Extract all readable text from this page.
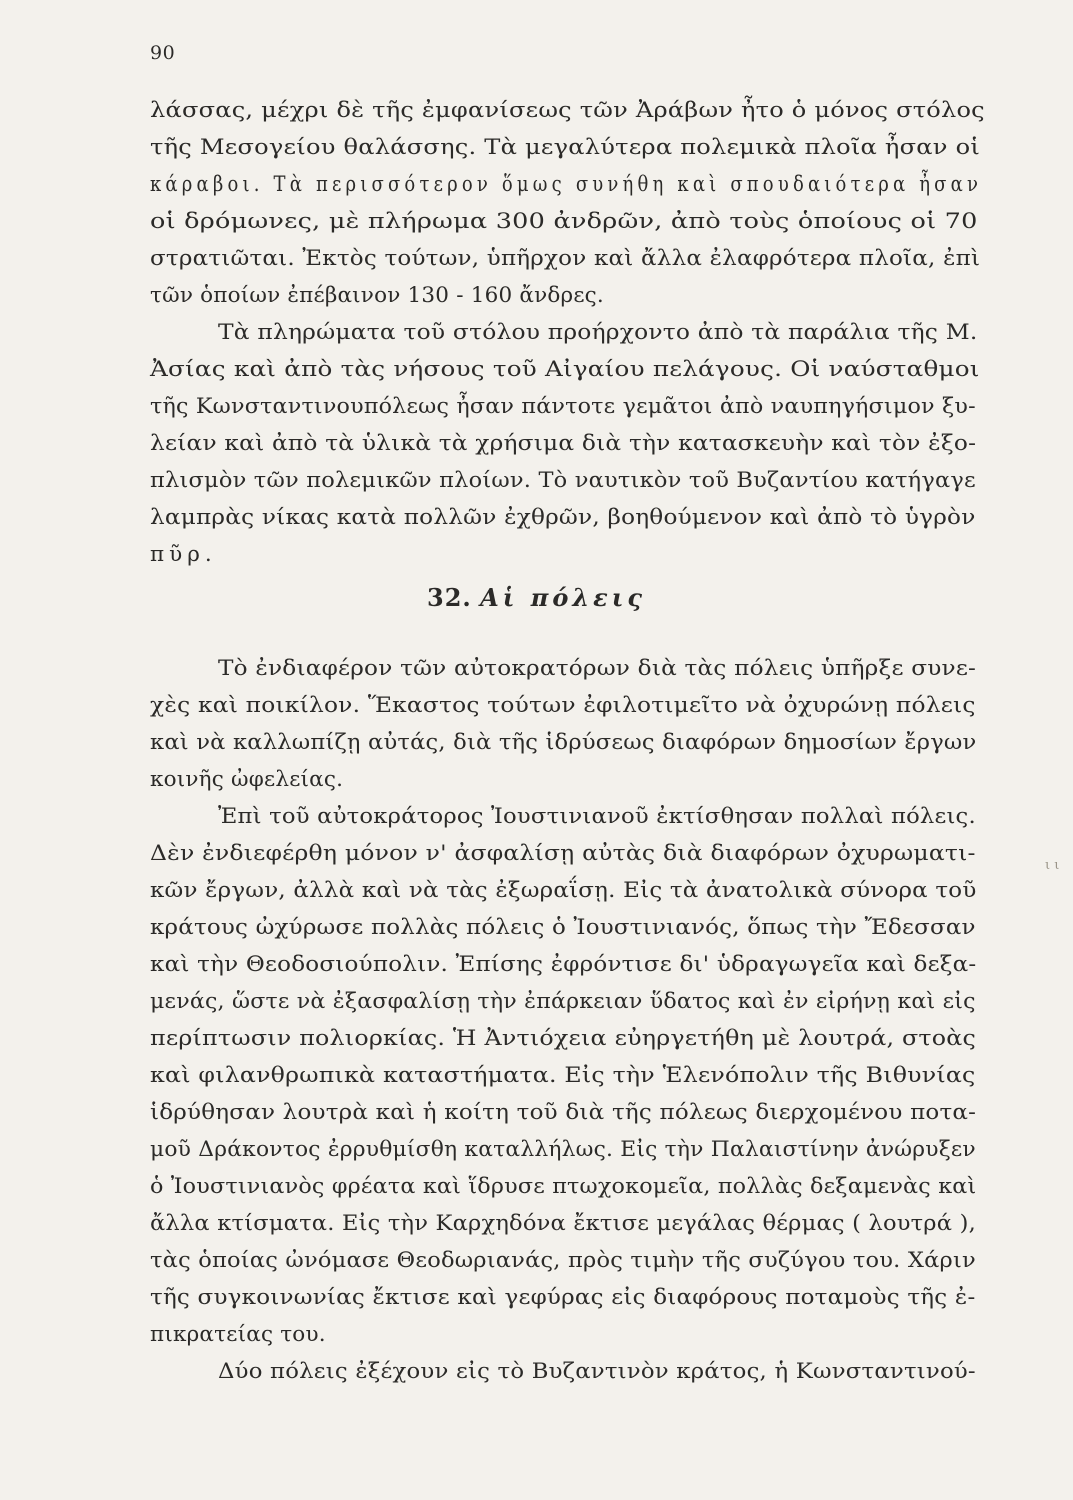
90
λάσσας, μέχρι δὲ τῆς ἐμφανίσεως τῶν Ἀράβων ἦτο ὁ μόνος στόλος
τῆς Μεσογείου θαλάσσης. Τὰ μεγαλύτερα πολεμικὰ πλοῖα ἦσαν οἱ
κάραβοι. Τὰ περισσότερον ὅμως συνήθη καὶ σπουδαιότερα ἦσαν
οἱ δρόμωνες, μὲ πλήρωμα 300 ἀνδρῶν, ἀπὸ τοὺς ὁποίους οἱ 70
στρατιῶται. Ἐκτὸς τούτων, ὑπῆρχον καὶ ἄλλα ἐλαφρότερα πλοῖα, ἐπὶ
τῶν ὁποίων ἐπέβαινον 130 - 160 ἄνδρες.
Τὰ πληρώματα τοῦ στόλου προήρχοντο ἀπὸ τὰ παράλια τῆς Μ.
Ἀσίας καὶ ἀπὸ τὰς νήσους τοῦ Αἰγαίου πελάγους. Οἱ ναύσταθμοι
τῆς Κωνσταντινουπόλεως ἦσαν πάντοτε γεμᾶτοι ἀπὸ ναυπηγήσιμον ξυ-
λείαν καὶ ἀπὸ τὰ ὑλικὰ τὰ χρήσιμα διὰ τὴν κατασκευὴν καὶ τὸν ἐξο-
πλισμὸν τῶν πολεμικῶν πλοίων. Τὸ ναυτικὸν τοῦ Βυζαντίου κατήγαγε
λαμπρὰς νίκας κατὰ πολλῶν ἐχθρῶν, βοηθούμενον καὶ ἀπὸ τὸ ὑγρὸν
πῦρ.
32. Αἱ πόλεις
Τὸ ἐνδιαφέρον τῶν αὐτοκρατόρων διὰ τὰς πόλεις ὑπῆρξε συνε-
χὲς καὶ ποικίλον. Ἕκαστος τούτων ἐφιλοτιμεῖτο νὰ ὀχυρώνῃ πόλεις
καὶ νὰ καλλωπίζῃ αὐτάς, διὰ τῆς ἱδρύσεως διαφόρων δημοσίων ἔργων
κοινῆς ὠφελείας.
Ἐπὶ τοῦ αὐτοκράτορος Ἰουστινιανοῦ ἐκτίσθησαν πολλαὶ πόλεις.
Δὲν ἐνδιεφέρθη μόνον ν' ἀσφαλίσῃ αὐτὰς διὰ διαφόρων ὀχυρωματι-
κῶν ἔργων, ἀλλὰ καὶ νὰ τὰς ἐξωραΐσῃ. Εἰς τὰ ἀνατολικὰ σύνορα τοῦ
κράτους ὠχύρωσε πολλὰς πόλεις ὁ Ἰουστινιανός, ὅπως τὴν Ἔδεσσαν
καὶ τὴν Θεοδοσιούπολιν. Ἐπίσης ἐφρόντισε δι' ὑδραγωγεῖα καὶ δεξα-
μενάς, ὥστε νὰ ἐξασφαλίσῃ τὴν ἐπάρκειαν ὕδατος καὶ ἐν εἰρήνῃ καὶ εἰς
περίπτωσιν πολιορκίας. Ἡ Ἀντιόχεια εὐηργετήθη μὲ λουτρά, στοὰς
καὶ φιλανθρωπικὰ καταστήματα. Εἰς τὴν Ἑλενόπολιν τῆς Βιθυνίας
ἱδρύθησαν λουτρὰ καὶ ἡ κοίτη τοῦ διὰ τῆς πόλεως διερχομένου ποτα-
μοῦ Δράκοντος ἐρρυθμίσθη καταλλήλως. Εἰς τὴν Παλαιστίνην ἀνώρυξεν
ὁ Ἰουστινιανὸς φρέατα καὶ ἵδρυσε πτωχοκομεῖα, πολλὰς δεξαμενὰς καὶ
ἄλλα κτίσματα. Εἰς τὴν Καρχηδόνα ἔκτισε μεγάλας θέρμας ( λουτρά ),
τὰς ὁποίας ὠνόμασε Θεοδωριανάς, πρὸς τιμὴν τῆς συζύγου του. Χάριν
τῆς συγκοινωνίας ἔκτισε καὶ γεφύρας εἰς διαφόρους ποταμοὺς τῆς ἐ-
πικρατείας του.
Δύο πόλεις ἐξέχουν εἰς τὸ Βυζαντινὸν κράτος, ἡ Κωνσταντινού-
ι ι
